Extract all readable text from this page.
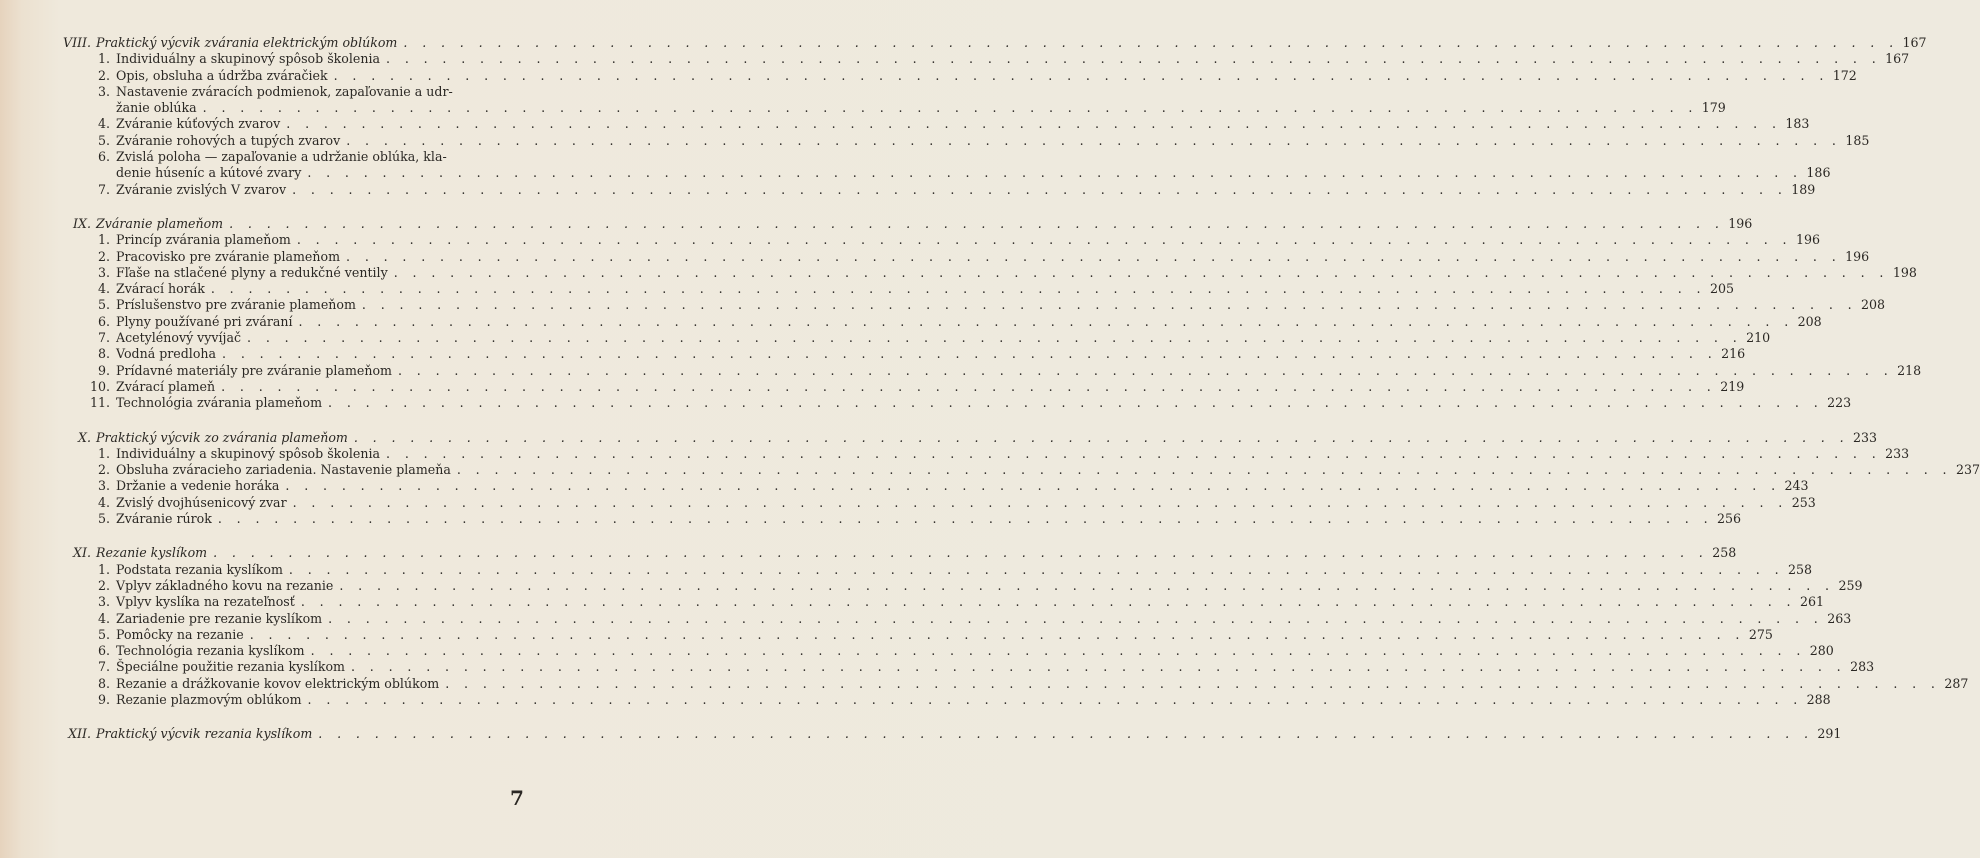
VIII. Praktický výcvik zvárania elektrickým oblúkom . . . . . . . . . . . . . . . . . . . . . . . . . . . . . . . . . . . . . . . . . . . . . . . . . . . . . . . . . . . . . . . . . . . . . . . . . . . . . . . . 167
1. Individuálny a skupinový spôsob školenia . . . . . . . . . . . . . . . . . . . . . . . . . . . . . . . . . . . . . . . . . . . . . . . . . . . . . . . . . . . . . . . . . . . . . . . . . . . . . . . . 167
2. Opis, obsluha a údržba zváračiek . . . . . . . . . . . . . . . . . . . . . . . . . . . . . . . . . . . . . . . . . . . . . . . . . . . . . . . . . . . . . . . . . . . . . . . . . . . . . . . . 172
3. Nastavenie zváracích podmienok, zapaľovanie a udr-
žanie oblúka . . . . . . . . . . . . . . . . . . . . . . . . . . . . . . . . . . . . . . . . . . . . . . . . . . . . . . . . . . . . . . . . . . . . . . . . . . . . . . . . 179
4. Zváranie kúťových zvarov . . . . . . . . . . . . . . . . . . . . . . . . . . . . . . . . . . . . . . . . . . . . . . . . . . . . . . . . . . . . . . . . . . . . . . . . . . . . . . . . 183
5. Zváranie rohových a tupých zvarov . . . . . . . . . . . . . . . . . . . . . . . . . . . . . . . . . . . . . . . . . . . . . . . . . . . . . . . . . . . . . . . . . . . . . . . . . . . . . . . . 185
6. Zvislá poloha — zapaľovanie a udržanie oblúka, kla-
denie húseníc a kútové zvary . . . . . . . . . . . . . . . . . . . . . . . . . . . . . . . . . . . . . . . . . . . . . . . . . . . . . . . . . . . . . . . . . . . . . . . . . . . . . . . . 186
7. Zváranie zvislých V zvarov . . . . . . . . . . . . . . . . . . . . . . . . . . . . . . . . . . . . . . . . . . . . . . . . . . . . . . . . . . . . . . . . . . . . . . . . . . . . . . . . 189
IX. Zváranie plameňom . . . . . . . . . . . . . . . . . . . . . . . . . . . . . . . . . . . . . . . . . . . . . . . . . . . . . . . . . . . . . . . . . . . . . . . . . . . . . . . . 196
1. Princíp zvárania plameňom . . . . . . . . . . . . . . . . . . . . . . . . . . . . . . . . . . . . . . . . . . . . . . . . . . . . . . . . . . . . . . . . . . . . . . . . . . . . . . . . 196
2. Pracovisko pre zváranie plameňom . . . . . . . . . . . . . . . . . . . . . . . . . . . . . . . . . . . . . . . . . . . . . . . . . . . . . . . . . . . . . . . . . . . . . . . . . . . . . . . . 196
3. Fľaše na stlačené plyny a redukčné ventily . . . . . . . . . . . . . . . . . . . . . . . . . . . . . . . . . . . . . . . . . . . . . . . . . . . . . . . . . . . . . . . . . . . . . . . . . . . . . . . . 198
4. Zvárací horák . . . . . . . . . . . . . . . . . . . . . . . . . . . . . . . . . . . . . . . . . . . . . . . . . . . . . . . . . . . . . . . . . . . . . . . . . . . . . . . . 205
5. Príslušenstvo pre zváranie plameňom . . . . . . . . . . . . . . . . . . . . . . . . . . . . . . . . . . . . . . . . . . . . . . . . . . . . . . . . . . . . . . . . . . . . . . . . . . . . . . . . 208
6. Plyny používané pri zváraní . . . . . . . . . . . . . . . . . . . . . . . . . . . . . . . . . . . . . . . . . . . . . . . . . . . . . . . . . . . . . . . . . . . . . . . . . . . . . . . . 208
7. Acetylénový vyvíjač . . . . . . . . . . . . . . . . . . . . . . . . . . . . . . . . . . . . . . . . . . . . . . . . . . . . . . . . . . . . . . . . . . . . . . . . . . . . . . . . 210
8. Vodná predloha . . . . . . . . . . . . . . . . . . . . . . . . . . . . . . . . . . . . . . . . . . . . . . . . . . . . . . . . . . . . . . . . . . . . . . . . . . . . . . . . 216
9. Prídavné materiály pre zváranie plameňom . . . . . . . . . . . . . . . . . . . . . . . . . . . . . . . . . . . . . . . . . . . . . . . . . . . . . . . . . . . . . . . . . . . . . . . . . . . . . . . . 218
10. Zvárací plameň . . . . . . . . . . . . . . . . . . . . . . . . . . . . . . . . . . . . . . . . . . . . . . . . . . . . . . . . . . . . . . . . . . . . . . . . . . . . . . . . 219
11. Technológia zvárania plameňom . . . . . . . . . . . . . . . . . . . . . . . . . . . . . . . . . . . . . . . . . . . . . . . . . . . . . . . . . . . . . . . . . . . . . . . . . . . . . . . . 223
X. Praktický výcvik zo zvárania plameňom . . . . . . . . . . . . . . . . . . . . . . . . . . . . . . . . . . . . . . . . . . . . . . . . . . . . . . . . . . . . . . . . . . . . . . . . . . . . . . . . 233
1. Individuálny a skupinový spôsob školenia . . . . . . . . . . . . . . . . . . . . . . . . . . . . . . . . . . . . . . . . . . . . . . . . . . . . . . . . . . . . . . . . . . . . . . . . . . . . . . . . 233
2. Obsluha zváracieho zariadenia. Nastavenie plameňa . . . . . . . . . . . . . . . . . . . . . . . . . . . . . . . . . . . . . . . . . . . . . . . . . . . . . . . . . . . . . . . . . . . . . . . . . . . . . . . . 237
3. Držanie a vedenie horáka . . . . . . . . . . . . . . . . . . . . . . . . . . . . . . . . . . . . . . . . . . . . . . . . . . . . . . . . . . . . . . . . . . . . . . . . . . . . . . . . 243
4. Zvislý dvojhúsenicový zvar . . . . . . . . . . . . . . . . . . . . . . . . . . . . . . . . . . . . . . . . . . . . . . . . . . . . . . . . . . . . . . . . . . . . . . . . . . . . . . . . 253
5. Zváranie rúrok . . . . . . . . . . . . . . . . . . . . . . . . . . . . . . . . . . . . . . . . . . . . . . . . . . . . . . . . . . . . . . . . . . . . . . . . . . . . . . . . 256
XI. Rezanie kyslíkom . . . . . . . . . . . . . . . . . . . . . . . . . . . . . . . . . . . . . . . . . . . . . . . . . . . . . . . . . . . . . . . . . . . . . . . . . . . . . . . . 258
1. Podstata rezania kyslíkom . . . . . . . . . . . . . . . . . . . . . . . . . . . . . . . . . . . . . . . . . . . . . . . . . . . . . . . . . . . . . . . . . . . . . . . . . . . . . . . . 258
2. Vplyv základného kovu na rezanie . . . . . . . . . . . . . . . . . . . . . . . . . . . . . . . . . . . . . . . . . . . . . . . . . . . . . . . . . . . . . . . . . . . . . . . . . . . . . . . . 259
3. Vplyv kyslíka na rezateľnosť . . . . . . . . . . . . . . . . . . . . . . . . . . . . . . . . . . . . . . . . . . . . . . . . . . . . . . . . . . . . . . . . . . . . . . . . . . . . . . . . 261
4. Zariadenie pre rezanie kyslíkom . . . . . . . . . . . . . . . . . . . . . . . . . . . . . . . . . . . . . . . . . . . . . . . . . . . . . . . . . . . . . . . . . . . . . . . . . . . . . . . . 263
5. Pomôcky na rezanie . . . . . . . . . . . . . . . . . . . . . . . . . . . . . . . . . . . . . . . . . . . . . . . . . . . . . . . . . . . . . . . . . . . . . . . . . . . . . . . . 275
6. Technológia rezania kyslíkom . . . . . . . . . . . . . . . . . . . . . . . . . . . . . . . . . . . . . . . . . . . . . . . . . . . . . . . . . . . . . . . . . . . . . . . . . . . . . . . . 280
7. Špeciálne použitie rezania kyslíkom . . . . . . . . . . . . . . . . . . . . . . . . . . . . . . . . . . . . . . . . . . . . . . . . . . . . . . . . . . . . . . . . . . . . . . . . . . . . . . . . 283
8. Rezanie a drážkovanie kovov elektrickým oblúkom . . . . . . . . . . . . . . . . . . . . . . . . . . . . . . . . . . . . . . . . . . . . . . . . . . . . . . . . . . . . . . . . . . . . . . . . . . . . . . . . 287
9. Rezanie plazmovým oblúkom . . . . . . . . . . . . . . . . . . . . . . . . . . . . . . . . . . . . . . . . . . . . . . . . . . . . . . . . . . . . . . . . . . . . . . . . . . . . . . . . 288
XII. Praktický výcvik rezania kyslíkom . . . . . . . . . . . . . . . . . . . . . . . . . . . . . . . . . . . . . . . . . . . . . . . . . . . . . . . . . . . . . . . . . . . . . . . . . . . . . . . . 291
7
